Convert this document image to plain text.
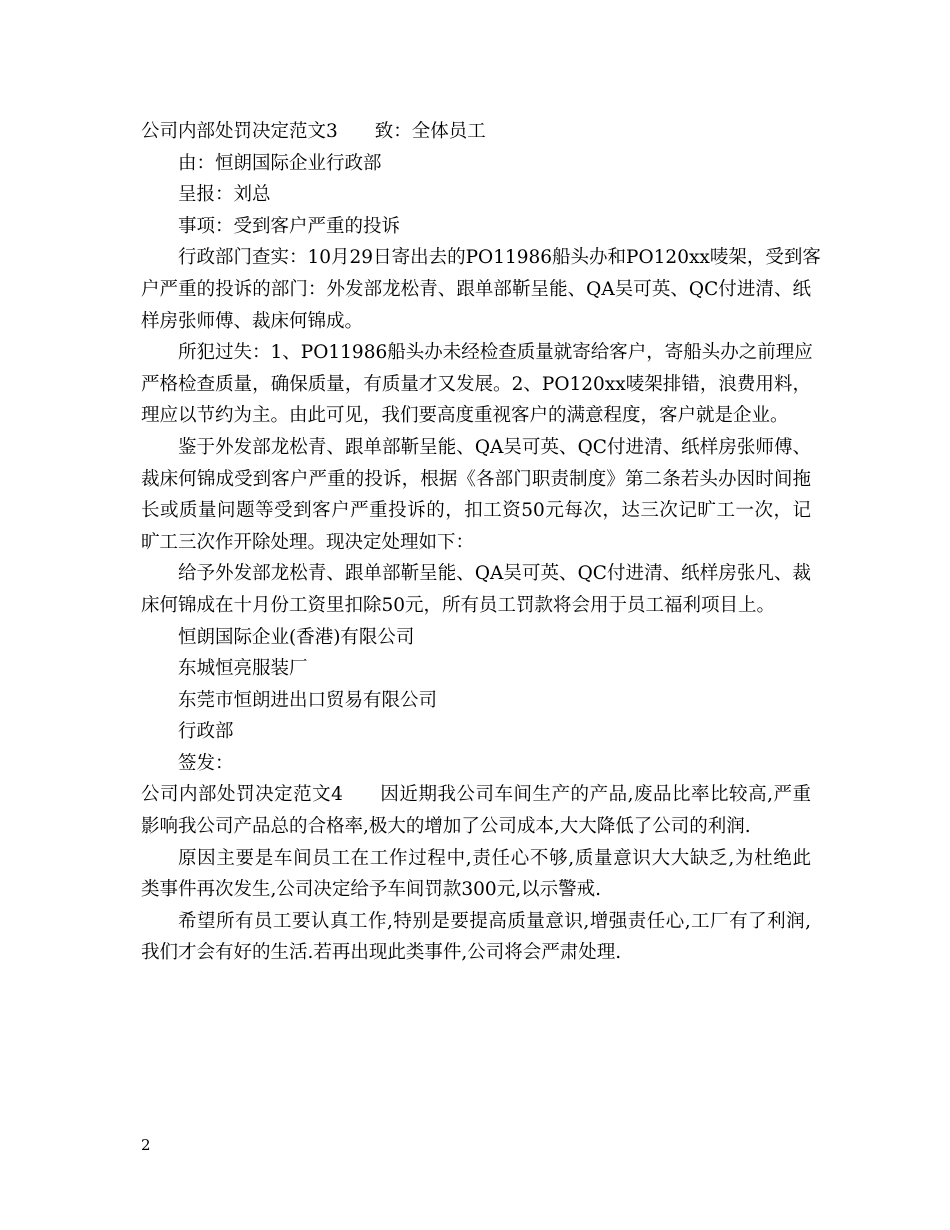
公司内部处罚决定范文3 致：全体员工
由：恒朗国际企业行政部
呈报：刘总
事项：受到客户严重的投诉
行政部门查实：10月29日寄出去的PO11986船头办和PO120xx唛架，受到客
户严重的投诉的部门：外发部龙松青、跟单部靳呈能、QA吴可英、QC付进清、纸
样房张师傅、裁床何锦成。
所犯过失：1、PO11986船头办未经检查质量就寄给客户，寄船头办之前理应
严格检查质量，确保质量，有质量才又发展。2、PO120xx唛架排错，浪费用料，
理应以节约为主。由此可见，我们要高度重视客户的满意程度，客户就是企业。
鉴于外发部龙松青、跟单部靳呈能、QA吴可英、QC付进清、纸样房张师傅、
裁床何锦成受到客户严重的投诉，根据《各部门职责制度》第二条若头办因时间拖
长或质量问题等受到客户严重投诉的，扣工资50元每次，达三次记旷工一次，记
旷工三次作开除处理。现决定处理如下：
给予外发部龙松青、跟单部靳呈能、QA吴可英、QC付进清、纸样房张凡、裁
床何锦成在十月份工资里扣除50元，所有员工罚款将会用于员工福利项目上。
恒朗国际企业(香港)有限公司
东城恒亮服装厂
东莞市恒朗进出口贸易有限公司
行政部
签发：
公司内部处罚决定范文4 因近期我公司车间生产的产品,废品比率比较高,严重
影响我公司产品总的合格率,极大的增加了公司成本,大大降低了公司的利润.
原因主要是车间员工在工作过程中,责任心不够,质量意识大大缺乏,为杜绝此
类事件再次发生,公司决定给予车间罚款300元,以示警戒.
希望所有员工要认真工作,特别是要提高质量意识,增强责任心,工厂有了利润,
我们才会有好的生活.若再出现此类事件,公司将会严肃处理.
2
